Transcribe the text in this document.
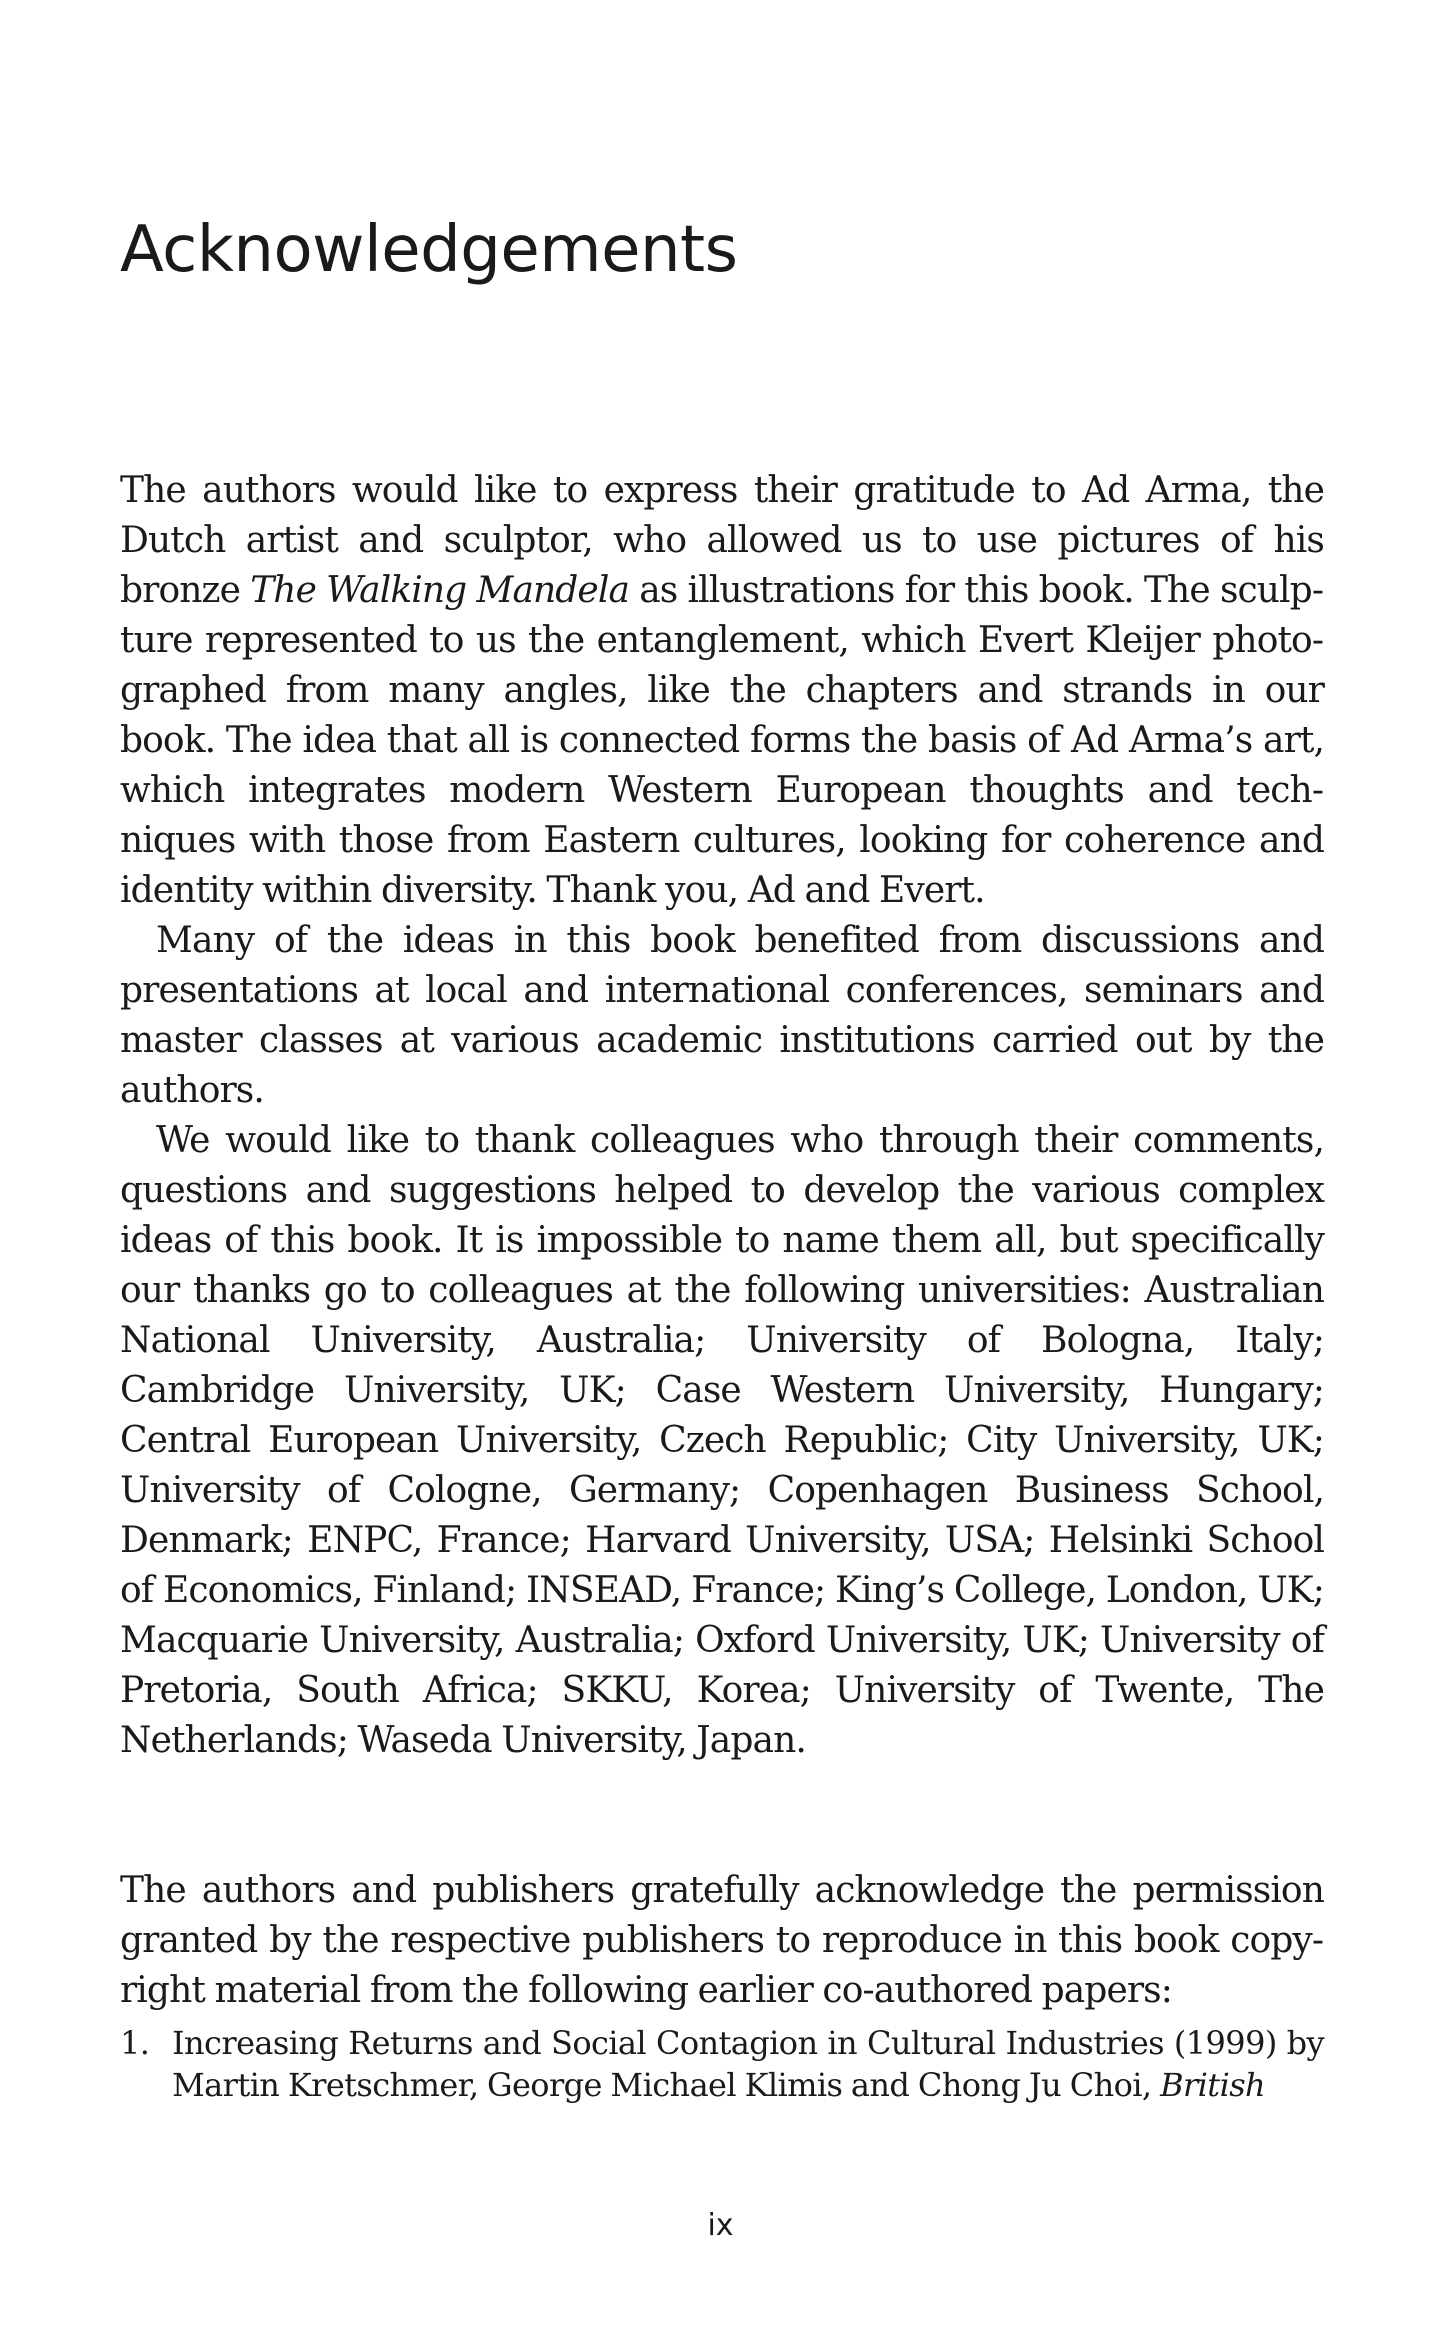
Acknowledgements

The authors would like to express their gratitude to Ad Arma, the Dutch artist and sculptor, who allowed us to use pictures of his bronze The Walking Mandela as illustrations for this book. The sculpture represented to us the entanglement, which Evert Kleijer photographed from many angles, like the chapters and strands in our book. The idea that all is connected forms the basis of Ad Arma’s art, which integrates modern Western European thoughts and techniques with those from Eastern cultures, looking for coherence and identity within diversity. Thank you, Ad and Evert.

Many of the ideas in this book benefited from discussions and presentations at local and international conferences, seminars and master classes at various academic institutions carried out by the authors.

We would like to thank colleagues who through their comments, questions and suggestions helped to develop the various complex ideas of this book. It is impossible to name them all, but specifically our thanks go to colleagues at the following universities: Australian National University, Australia; University of Bologna, Italy; Cambridge University, UK; Case Western University, Hungary; Central European University, Czech Republic; City University, UK; University of Cologne, Germany; Copenhagen Business School, Denmark; ENPC, France; Harvard University, USA; Helsinki School of Economics, Finland; INSEAD, France; King’s College, London, UK; Macquarie University, Australia; Oxford University, UK; University of Pretoria, South Africa; SKKU, Korea; University of Twente, The Netherlands; Waseda University, Japan.

The authors and publishers gratefully acknowledge the permission granted by the respective publishers to reproduce in this book copyright material from the following earlier co-authored papers:

1. Increasing Returns and Social Contagion in Cultural Industries (1999) by Martin Kretschmer, George Michael Klimis and Chong Ju Choi, British
ix
